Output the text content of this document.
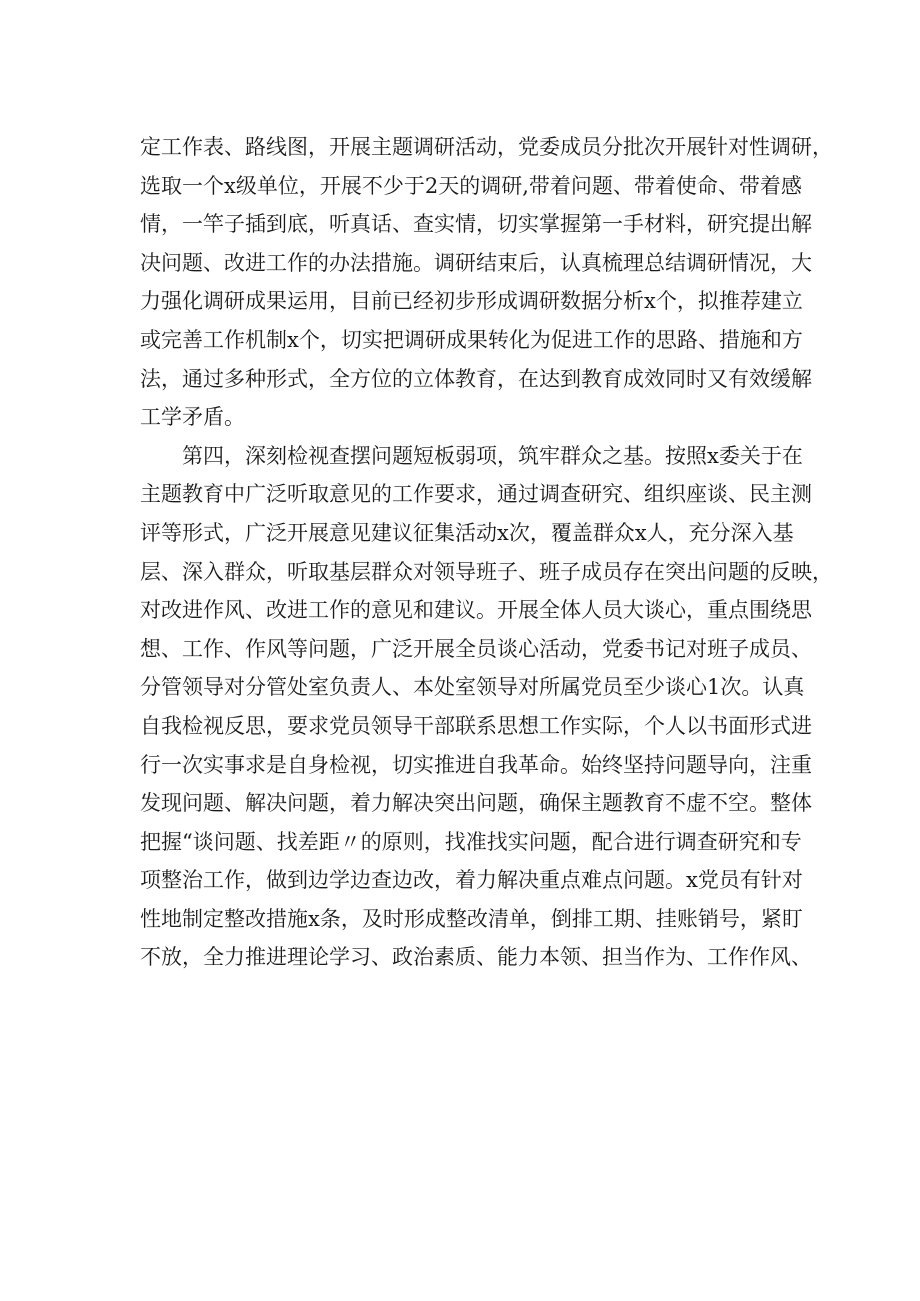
定工作表、路线图，开展主题调研活动，党委成员分批次开展针对性调研，
选取一个x级单位，开展不少于2天的调研,带着问题、带着使命、带着感
情，一竿子插到底，听真话、查实情，切实掌握第一手材料，研究提出解
决问题、改进工作的办法措施。调研结束后，认真梳理总结调研情况，大
力强化调研成果运用，目前已经初步形成调研数据分析x个，拟推荐建立
或完善工作机制x个，切实把调研成果转化为促进工作的思路、措施和方
法，通过多种形式，全方位的立体教育，在达到教育成效同时又有效缓解
工学矛盾。
第四，深刻检视查摆问题短板弱项，筑牢群众之基。按照x委关于在
主题教育中广泛听取意见的工作要求，通过调查研究、组织座谈、民主测
评等形式，广泛开展意见建议征集活动x次，覆盖群众x人，充分深入基
层、深入群众，听取基层群众对领导班子、班子成员存在突出问题的反映，
对改进作风、改进工作的意见和建议。开展全体人员大谈心，重点围绕思
想、工作、作风等问题，广泛开展全员谈心活动，党委书记对班子成员、
分管领导对分管处室负责人、本处室领导对所属党员至少谈心1次。认真
自我检视反思，要求党员领导干部联系思想工作实际，个人以书面形式进
行一次实事求是自身检视，切实推进自我革命。始终坚持问题导向，注重
发现问题、解决问题，着力解决突出问题，确保主题教育不虚不空。整体
把握“谈问题、找差距〃的原则，找准找实问题，配合进行调查研究和专
项整治工作，做到边学边查边改，着力解决重点难点问题。x党员有针对
性地制定整改措施x条，及时形成整改清单，倒排工期、挂账销号，紧盯
不放，全力推进理论学习、政治素质、能力本领、担当作为、工作作风、
